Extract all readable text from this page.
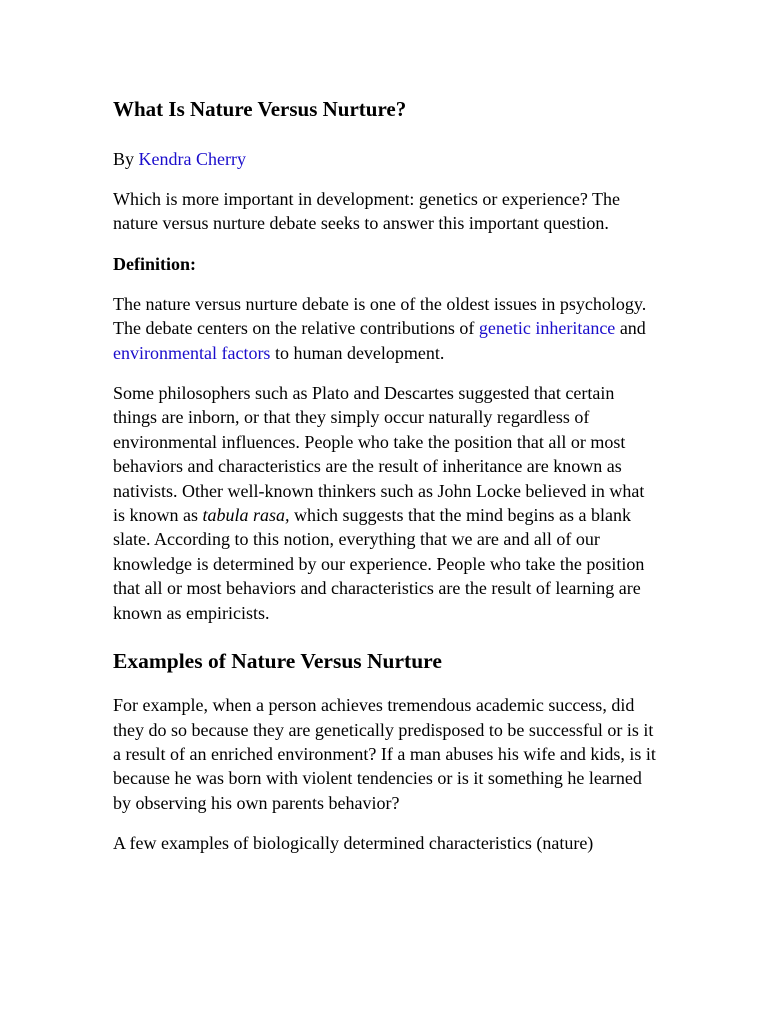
What Is Nature Versus Nurture?
By Kendra Cherry

Which is more important in development: genetics or experience? The nature versus nurture debate seeks to answer this important question.

Definition:

The nature versus nurture debate is one of the oldest issues in psychology. The debate centers on the relative contributions of genetic inheritance and environmental factors to human development.

Some philosophers such as Plato and Descartes suggested that certain things are inborn, or that they simply occur naturally regardless of environmental influences. People who take the position that all or most behaviors and characteristics are the result of inheritance are known as nativists. Other well-known thinkers such as John Locke believed in what is known as tabula rasa, which suggests that the mind begins as a blank slate. According to this notion, everything that we are and all of our knowledge is determined by our experience. People who take the position that all or most behaviors and characteristics are the result of learning are known as empiricists.

Examples of Nature Versus Nurture

For example, when a person achieves tremendous academic success, did they do so because they are genetically predisposed to be successful or is it a result of an enriched environment? If a man abuses his wife and kids, is it because he was born with violent tendencies or is it something he learned by observing his own parents behavior?

A few examples of biologically determined characteristics (nature)
